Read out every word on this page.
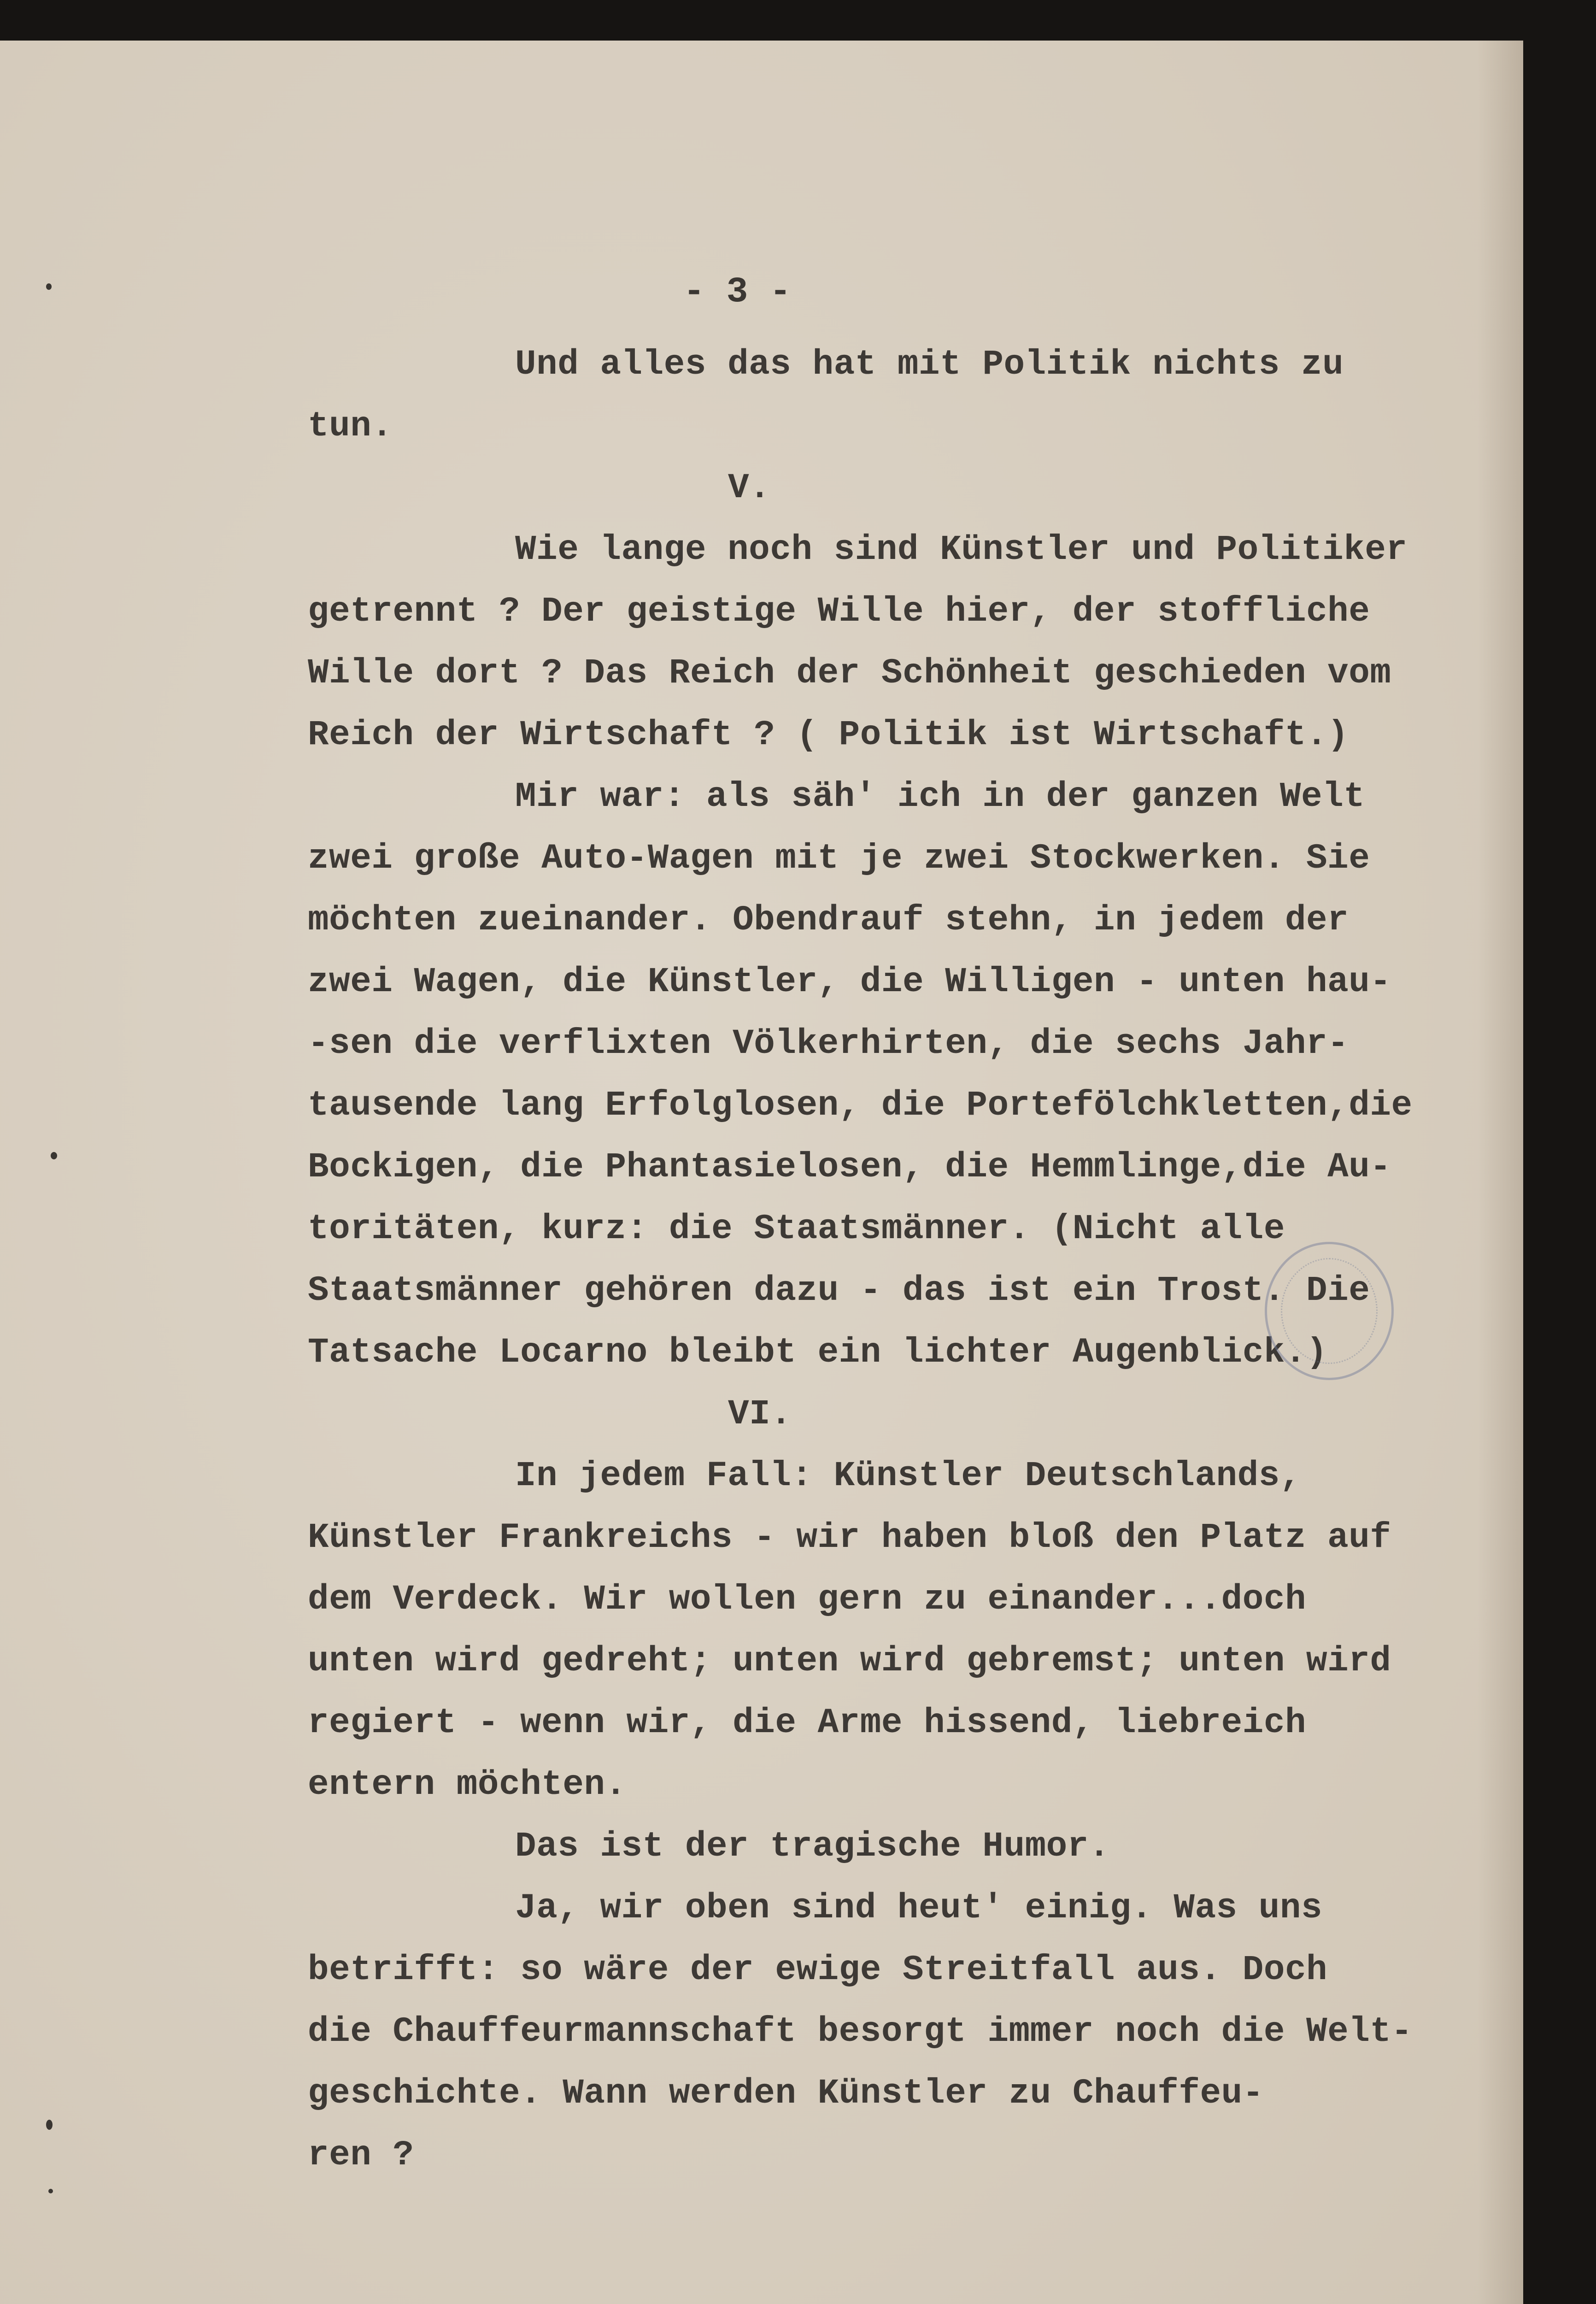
- 3 -
Und alles das hat mit Politik nichts zu
tun.
V.
Wie lange noch sind Künstler und Politiker
getrennt ? Der geistige Wille hier, der stoffliche
Wille dort ? Das Reich der Schönheit geschieden vom
Reich der Wirtschaft ? ( Politik ist Wirtschaft.)
Mir war: als säh' ich in der ganzen Welt
zwei große Auto-Wagen mit je zwei Stockwerken. Sie
möchten zueinander. Obendrauf stehn, in jedem der
zwei Wagen, die Künstler, die Willigen - unten hau-
-sen die verflixten Völkerhirten, die sechs Jahr-
tausende lang Erfolglosen, die Portefölchkletten,die
Bockigen, die Phantasielosen, die Hemmlinge,die Au-
toritäten, kurz: die Staatsmänner. (Nicht alle
Staatsmänner gehören dazu - das ist ein Trost. Die
Tatsache Locarno bleibt ein lichter Augenblick.)
VI.
In jedem Fall: Künstler Deutschlands,
Künstler Frankreichs - wir haben bloß den Platz auf
dem Verdeck. Wir wollen gern zu einander...doch
unten wird gedreht; unten wird gebremst; unten wird
regiert - wenn wir, die Arme hissend, liebreich
entern möchten.
Das ist der tragische Humor.
Ja, wir oben sind heut' einig. Was uns
betrifft: so wäre der ewige Streitfall aus. Doch
die Chauffeurmannschaft besorgt immer noch die Welt-
geschichte. Wann werden Künstler zu Chauffeu-
ren ?
